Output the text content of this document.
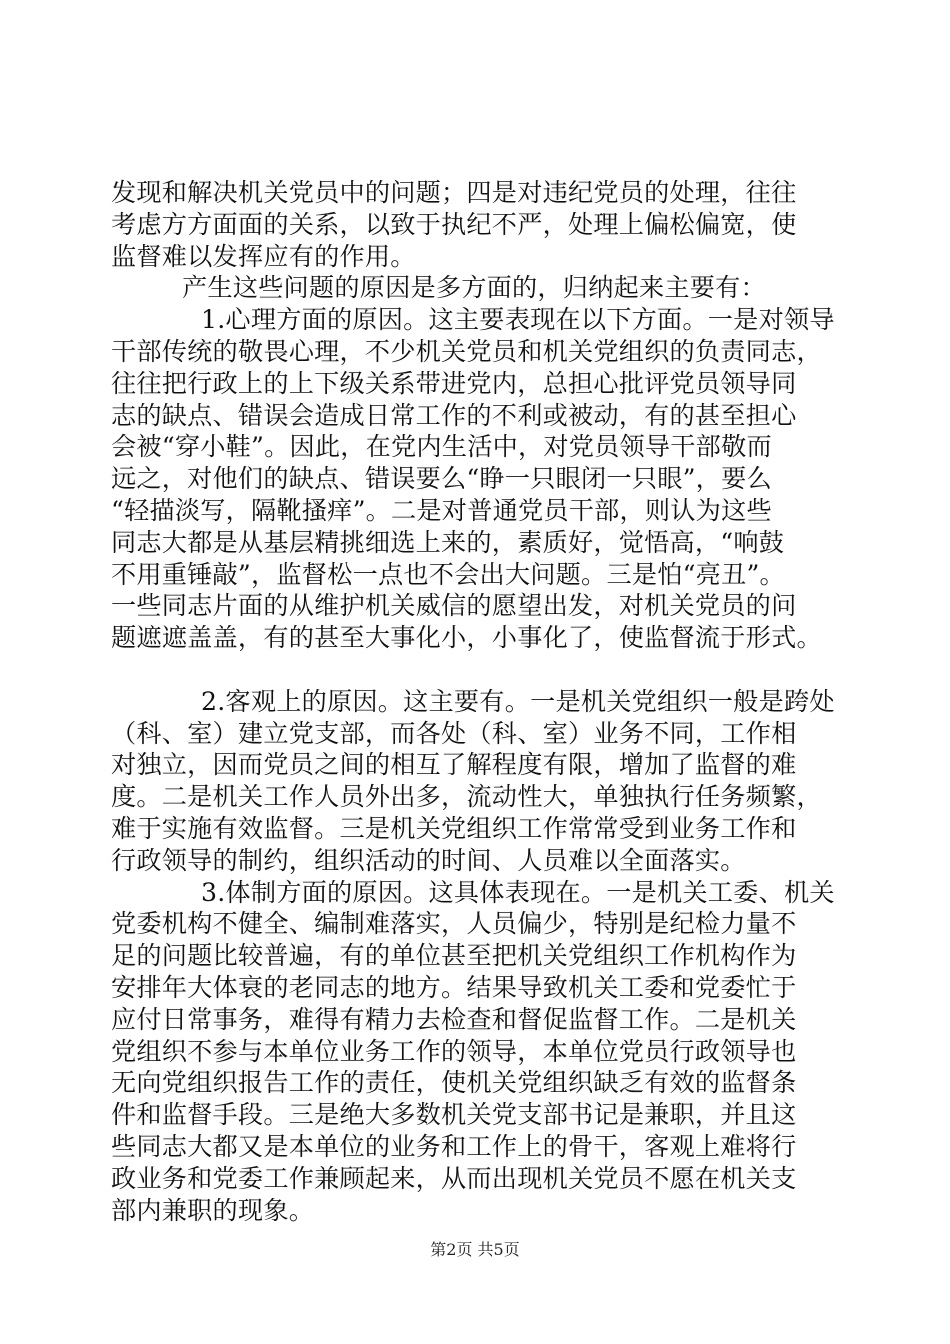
发现和解决机关党员中的问题；四是对违纪党员的处理，往往
考虑方方面面的关系，以致于执纪不严，处理上偏松偏宽，使
监督难以发挥应有的作用。
产生这些问题的原因是多方面的，归纳起来主要有：
1.心理方面的原因。这主要表现在以下方面。一是对领导
干部传统的敬畏心理，不少机关党员和机关党组织的负责同志，
往往把行政上的上下级关系带进党内，总担心批评党员领导同
志的缺点、错误会造成日常工作的不利或被动，有的甚至担心
会被“穿小鞋”。因此，在党内生活中，对党员领导干部敬而
远之，对他们的缺点、错误要么“睁一只眼闭一只眼”，要么
“轻描淡写，隔靴搔痒”。二是对普通党员干部，则认为这些
同志大都是从基层精挑细选上来的，素质好，觉悟高，“响鼓
不用重锤敲”，监督松一点也不会出大问题。三是怕“亮丑”。
一些同志片面的从维护机关威信的愿望出发，对机关党员的问
题遮遮盖盖，有的甚至大事化小，小事化了，使监督流于形式。
2.客观上的原因。这主要有。一是机关党组织一般是跨处
（科、室）建立党支部，而各处（科、室）业务不同，工作相
对独立，因而党员之间的相互了解程度有限，增加了监督的难
度。二是机关工作人员外出多，流动性大，单独执行任务频繁，
难于实施有效监督。三是机关党组织工作常常受到业务工作和
行政领导的制约，组织活动的时间、人员难以全面落实。
3.体制方面的原因。这具体表现在。一是机关工委、机关
党委机构不健全、编制难落实，人员偏少，特别是纪检力量不
足的问题比较普遍，有的单位甚至把机关党组织工作机构作为
安排年大体衰的老同志的地方。结果导致机关工委和党委忙于
应付日常事务，难得有精力去检查和督促监督工作。二是机关
党组织不参与本单位业务工作的领导，本单位党员行政领导也
无向党组织报告工作的责任，使机关党组织缺乏有效的监督条
件和监督手段。三是绝大多数机关党支部书记是兼职，并且这
些同志大都又是本单位的业务和工作上的骨干，客观上难将行
政业务和党委工作兼顾起来，从而出现机关党员不愿在机关支
部内兼职的现象。
第2页 共5页
